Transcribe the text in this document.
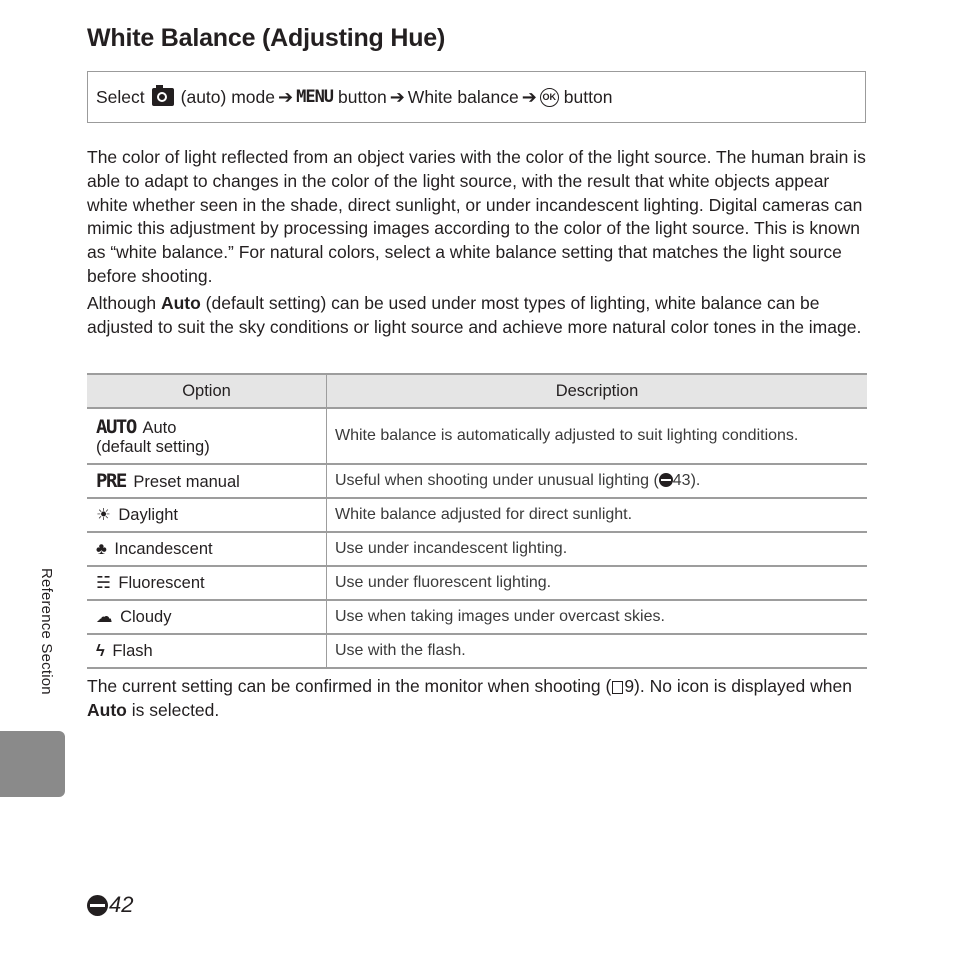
White Balance (Adjusting Hue)
Select (auto) mode ➔ MENU button ➔ White balance ➔ OK button

The color of light reflected from an object varies with the color of the light source. The human brain is able to adapt to changes in the color of the light source, with the result that white objects appear white whether seen in the shade, direct sunlight, or under incandescent lighting. Digital cameras can mimic this adjustment by processing images according to the color of the light source. This is known as “white balance.” For natural colors, select a white balance setting that matches the light source before shooting.

Although Auto (default setting) can be used under most types of lighting, white balance can be adjusted to suit the sky conditions or light source and achieve more natural color tones in the image.

Option	Description
AUTO Auto
(default setting)	White balance is automatically adjusted to suit lighting conditions.
PRE Preset manual	Useful when shooting under unusual lighting ( 43).
☀ Daylight	White balance adjusted for direct sunlight.
♣ Incandescent	Use under incandescent lighting.
☵ Fluorescent	Use under fluorescent lighting.
☁ Cloudy	Use when taking images under overcast skies.
ϟ Flash	Use with the flash.

The current setting can be confirmed in the monitor when shooting ( 9). No icon is displayed when Auto is selected.

Reference Section
42
